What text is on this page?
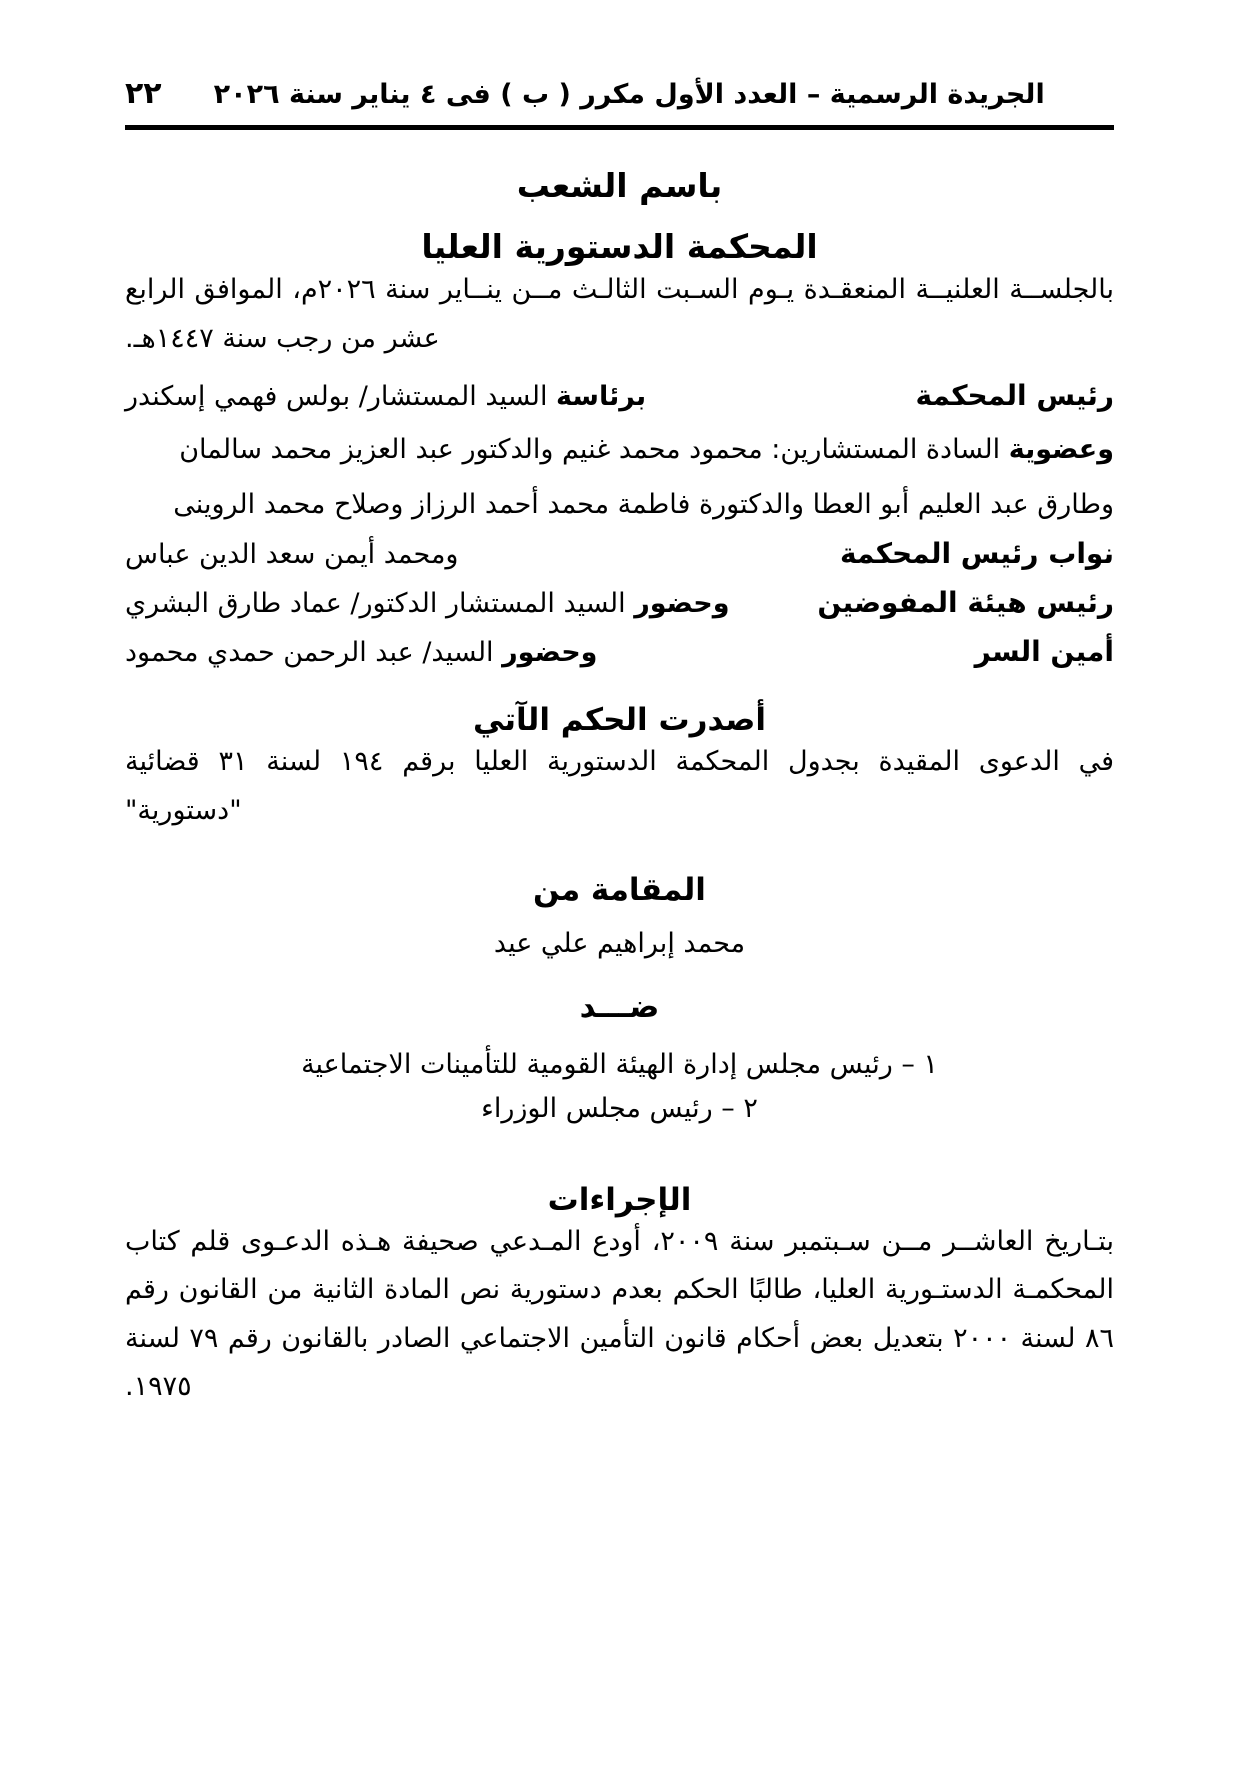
٢٢ الجريدة الرسمية – العدد الأول مكرر ( ب ) فى ٤ يناير سنة ٢٠٢٦
باسم الشعب
المحكمة الدستورية العليا

بالجلســة العلنيــة المنعقـدة يـوم السـبت الثالـث مــن ينــاير سنة ٢٠٢٦م، الموافق الرابع عشر من رجب سنة ١٤٤٧هـ.

رئيس المحكمة
برئاسة السيد المستشار/ بولس فهمي إسكندر

وعضوية السادة المستشارين: محمود محمد غنيم والدكتور عبد العزيز محمد سالمان

وطارق عبد العليم أبو العطا والدكتورة فاطمة محمد أحمد الرزاز وصلاح محمد الروينى

نواب رئيس المحكمة
ومحمد أيمن سعد الدين عباس
رئيس هيئة المفوضين
وحضور السيد المستشار الدكتور/ عماد طارق البشري
أمين السر
وحضور السيد/ عبد الرحمن حمدي محمود
أصدرت الحكم الآتي

في الدعوى المقيدة بجدول المحكمة الدستورية العليا برقم ١٩٤ لسنة ٣١ قضائية "دستورية"

المقامة من
محمد إبراهيم علي عيد
ضـــد
١ – رئيس مجلس إدارة الهيئة القومية للتأمينات الاجتماعية
٢ – رئيس مجلس الوزراء
الإجراءات

بتـاريخ العاشــر مــن سـبتمبر سنة ٢٠٠٩، أودع المـدعي صحيفة هـذه الدعـوى قلم كتاب المحكمـة الدستـورية العليا، طالبًا الحكم بعدم دستورية نص المادة الثانية من القانون رقم ٨٦ لسنة ٢٠٠٠ بتعديل بعض أحكام قانون التأمين الاجتماعي الصادر بالقانون رقم ٧٩ لسنة ١٩٧٥.
